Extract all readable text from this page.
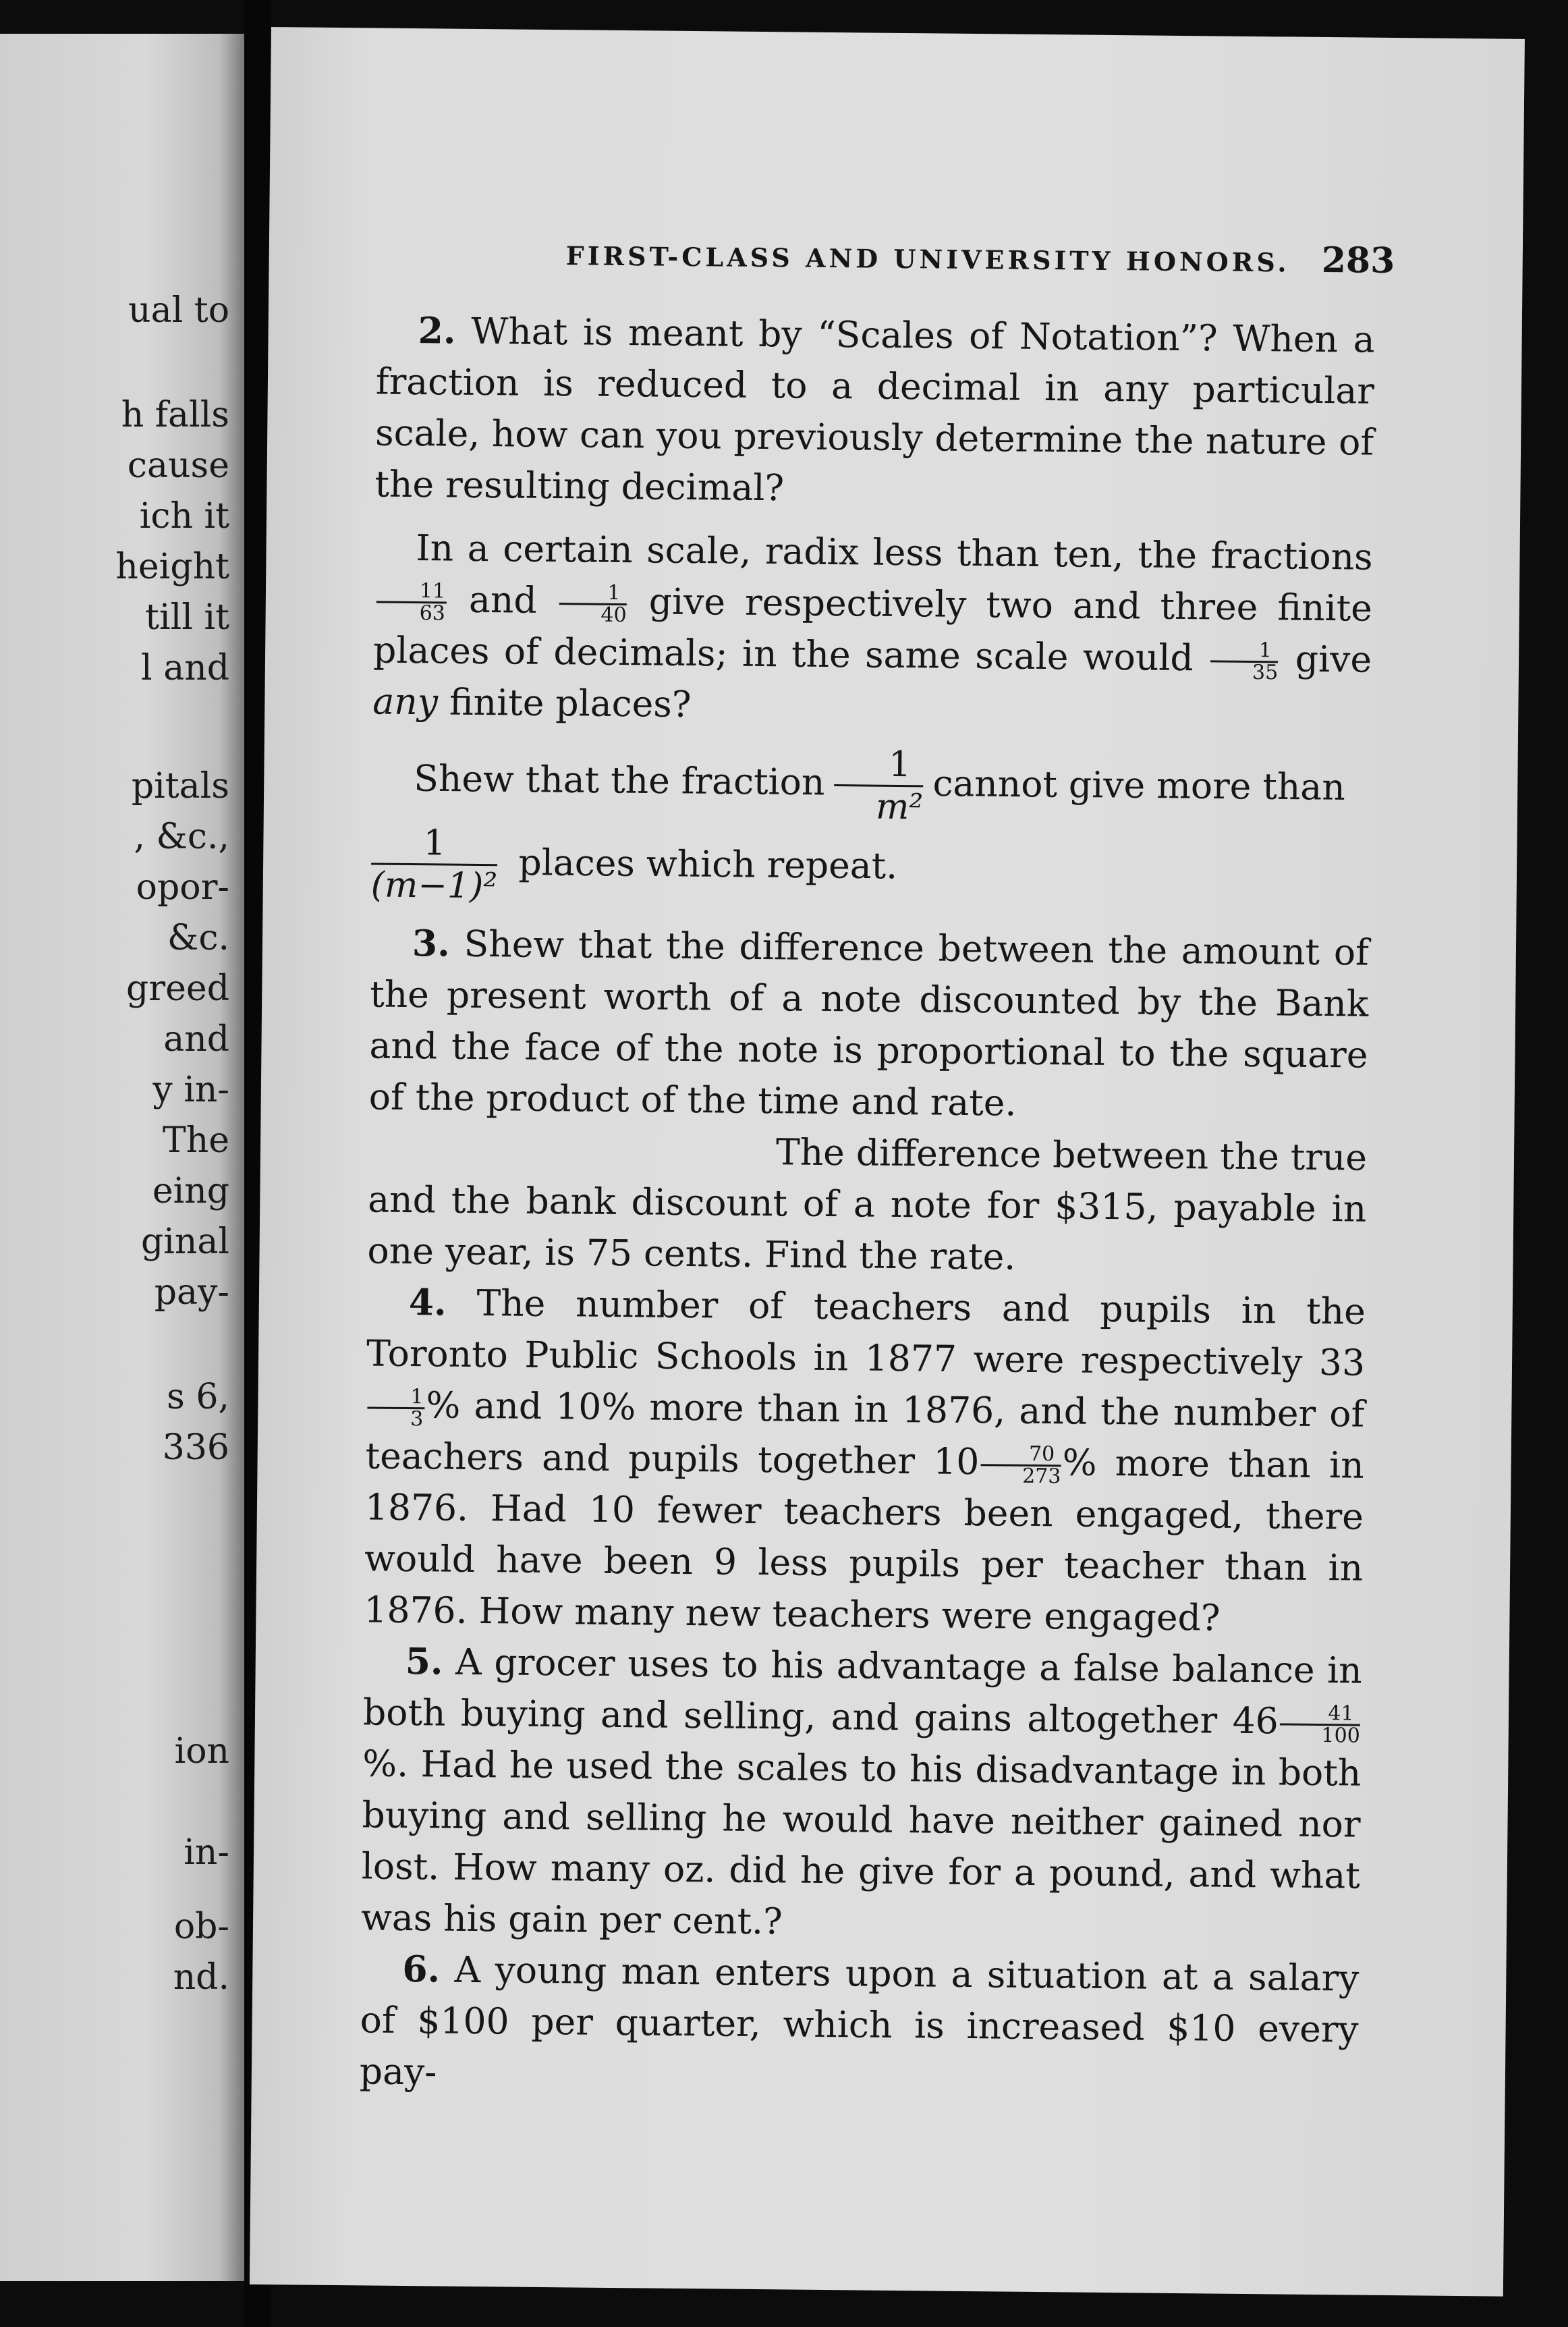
ual to
h falls
cause
ich it
height
till it
l and
pitals
, &c.,
opor-
&c.
greed
and
y in-
The
eing
ginal
pay-
s 6,
336
ion
in-
ob-
nd.
FIRST-CLASS AND UNIVERSITY HONORS. 283

2. What is meant by “Scales of Notation”? When a fraction is reduced to a decimal in any particular scale, how can you previously determine the nature of the resulting decimal?

In a certain scale, radix less than ten, the fractions
$\frac{11}{63}$ and $\frac{1}{40}$ give respectively two and three finite places of decimals; in the same scale would $\frac{1}{35}$ give any finite places?

Shew that the fraction $\frac{1}{\text{m²}}$ cannot give more than

$\frac{1}{\text{(m−1)²}}$ places which repeat.

3. Shew that the difference between the amount of the present worth of a note discounted by the Bank and the face of the note is proportional to the square of the product of the time and rate.

The difference between the true

and the bank discount of a note for $315, payable in one year, is 75 cents. Find the rate.

4. The number of teachers and pupils in the Toronto Public Schools in 1877 were respectively 33
$\frac{1}{3}$ % and 10% more than in 1876, and the number of teachers and pupils together $10 \frac{70}{273}$ % more than in 1876. Had 10 fewer teachers been engaged, there would have been 9 less pupils per teacher than in 1876. How many new teachers were engaged?

5. A grocer uses to his advantage a false balance in both buying and selling, and gains altogether $46 \frac{41}{100}$
%. Had he used the scales to his disadvantage in both buying and selling he would have neither gained nor lost. How many oz. did he give for a pound, and what was his gain per cent.?

6. A young man enters upon a situation at a salary of $100 per quarter, which is increased $10 every pay-
